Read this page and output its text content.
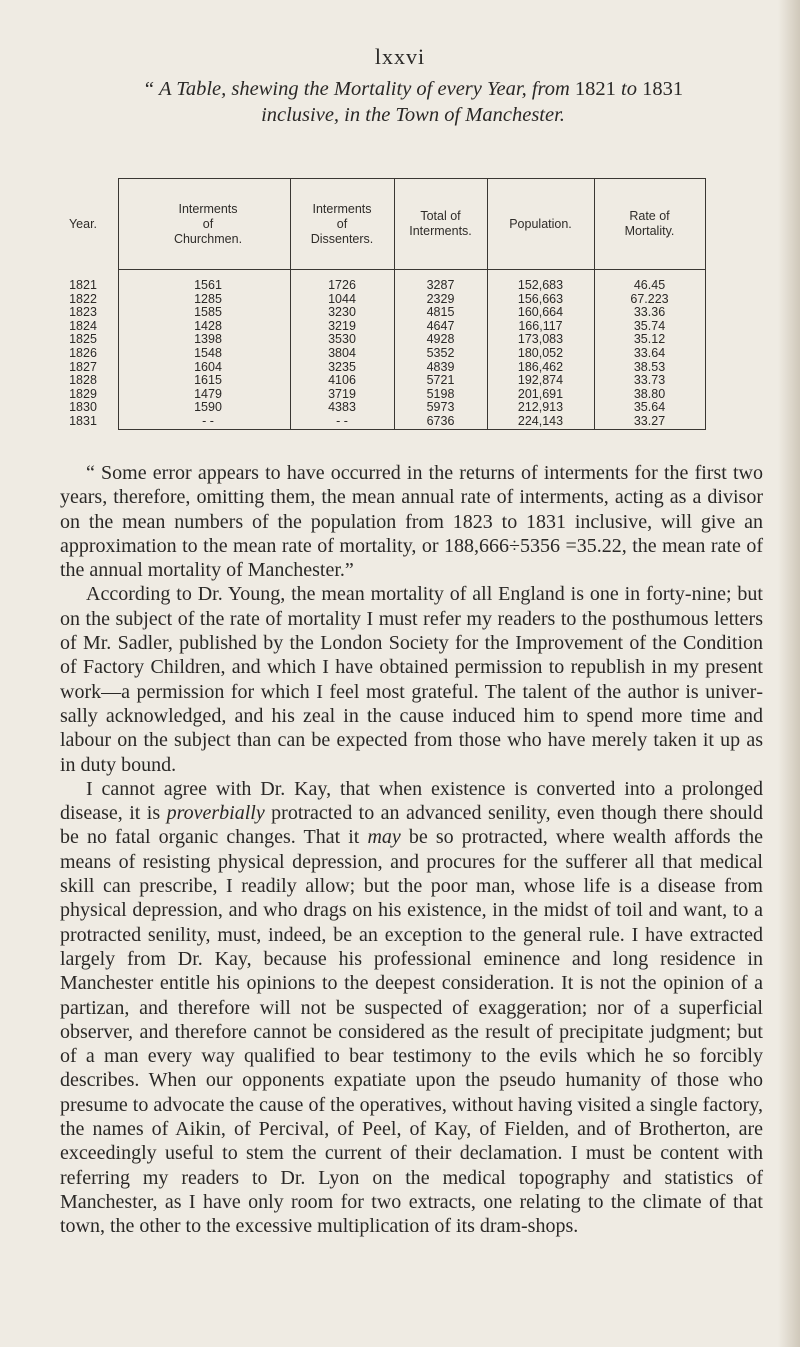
lxxvi
“ A Table, shewing the Mortality of every Year, from 1821 to 1831
inclusive, in the Town of Manchester.
Year.
Interments
of
Churchmen.
Interments
of
Dissenters.
Total of
Interments.
Population.
Rate of
Mortality.
1821
1822
1823
1824
1825
1826
1827
1828
1829
1830
1831
1561
1285
1585
1428
1398
1548
1604
1615
1479
1590
- -
1726
1044
3230
3219
3530
3804
3235
4106
3719
4383
- -
3287
2329
4815
4647
4928
5352
4839
5721
5198
5973
6736
152,683
156,663
160,664
166,117
173,083
180,052
186,462
192,874
201,691
212,913
224,143
46.45
67.223
33.36
35.74
35.12
33.64
38.53
33.73
38.80
35.64
33.27

“ Some error appears to have occurred in the returns of interments for the first two years, therefore, omitting them, the mean annual rate of interments, acting as a divisor on the mean numbers of the population from 1823 to 1831 inclusive, will give an approximation to the mean rate of mortality, or 188,666÷5356 =35.22, the mean rate of the annual mortality of Manchester.”

According to Dr. Young, the mean mortality of all England is one in forty-nine; but on the subject of the rate of mortality I must refer my readers to the posthumous letters of Mr. Sadler, published by the London Society for the Improvement of the Condition of Factory Children, and which I have obtained permission to republish in my present work—a permission for which I feel most grateful. The talent of the author is universally acknowledged, and his zeal in the cause induced him to spend more time and labour on the subject than can be expected from those who have merely taken it up as in duty bound.

I cannot agree with Dr. Kay, that when existence is converted into a prolonged disease, it is proverbially protracted to an advanced senility, even though there should be no fatal organic changes. That it may be so protracted, where wealth affords the means of resisting physical depression, and procures for the sufferer all that medical skill can prescribe, I readily allow; but the poor man, whose life is a disease from physical depression, and who drags on his existence, in the midst of toil and want, to a protracted senility, must, indeed, be an exception to the general rule. I have extracted largely from Dr. Kay, because his professional eminence and long residence in Manchester entitle his opinions to the deepest consideration. It is not the opinion of a partizan, and therefore will not be suspected of exaggeration; nor of a superficial observer, and therefore cannot be considered as the result of precipitate judgment; but of a man every way qualified to bear testimony to the evils which he so forcibly describes. When our opponents expatiate upon the pseudo humanity of those who presume to advocate the cause of the operatives, without having visited a single factory, the names of Aikin, of Percival, of Peel, of Kay, of Fielden, and of Brotherton, are exceedingly useful to stem the current of their declamation. I must be content with referring my readers to Dr. Lyon on the medical topography and statistics of Manchester, as I have only room for two extracts, one relating to the climate of that town, the other to the excessive multiplication of its dram-shops.
